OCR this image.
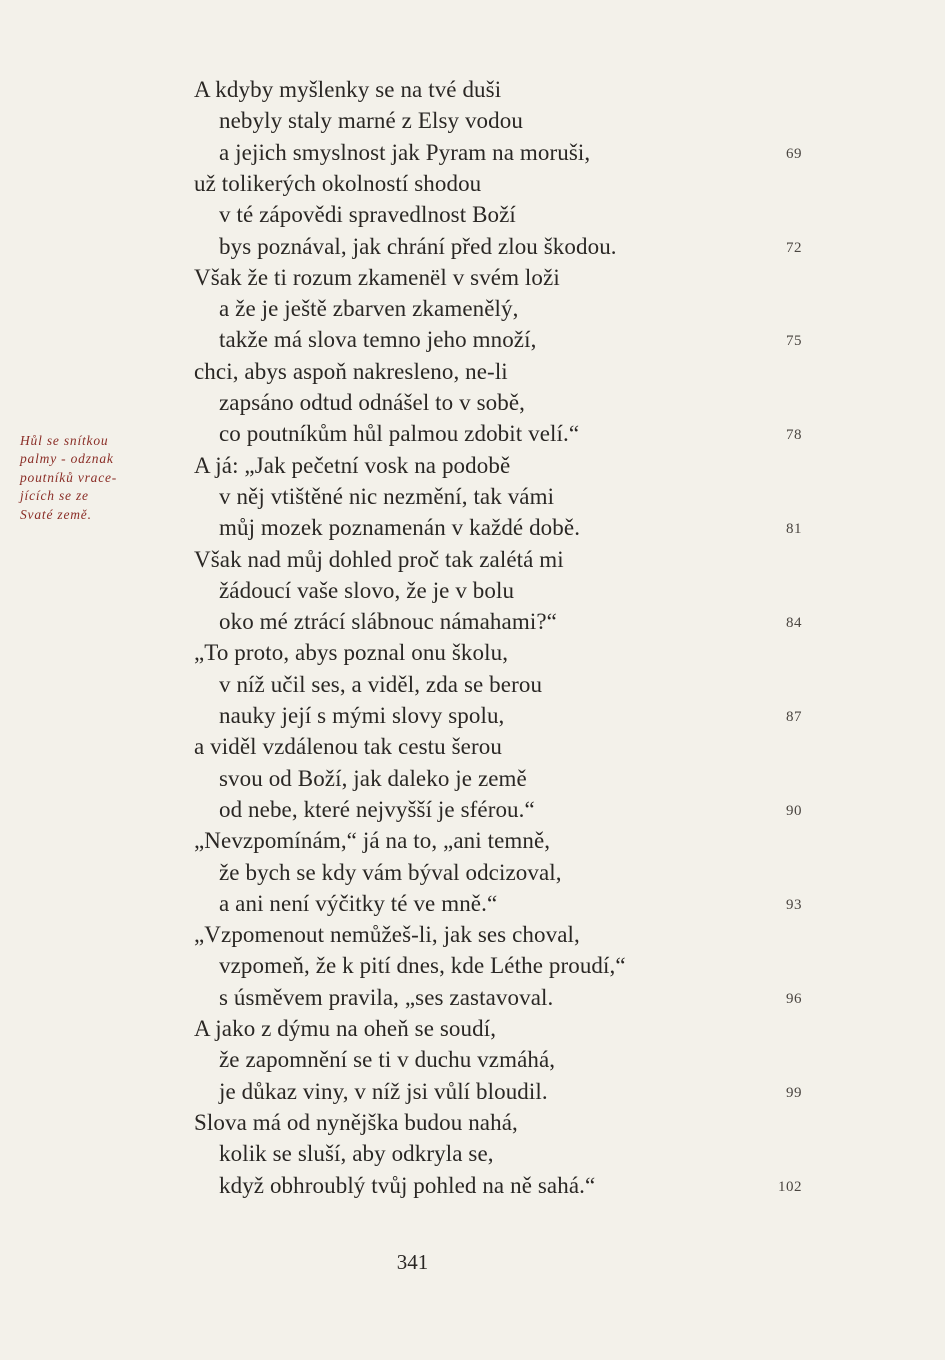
Hůl se snítkou
palmy - odznak
poutníků vrace-
jících se ze
Svaté země.
A kdyby myšlenky se na tvé duši
nebyly staly marné z Elsy vodou
a jejich smyslnost jak Pyram na moruši,	69
už tolikerých okolností shodou
v té zápovědi spravedlnost Boží
bys poznával, jak chrání před zlou škodou.	72
Však že ti rozum zkamenël v svém loži
a že je ještě zbarven zkamenělý,
takže má slova temno jeho množí,	75
chci, abys aspoň nakresleno, ne-li
zapsáno odtud odnášel to v sobě,
co poutníkům hůl palmou zdobit velí.“	78
A já: „Jak pečetní vosk na podobě
v něj vtištěné nic nezmění, tak vámi
můj mozek poznamenán v každé době.	81
Však nad můj dohled proč tak zalétá mi
žádoucí vaše slovo, že je v bolu
oko mé ztrácí slábnouc námahami?“	84
„To proto, abys poznal onu školu,
v níž učil ses, a viděl, zda se berou
nauky její s mými slovy spolu,	87
a viděl vzdálenou tak cestu šerou
svou od Boží, jak daleko je země
od nebe, které nejvyšší je sférou.“	90
„Nevzpomínám,“ já na to, „ani temně,
že bych se kdy vám býval odcizoval,
a ani není výčitky té ve mně.“	93
„Vzpomenout nemůžeš-li, jak ses choval,
vzpomeň, že k pití dnes, kde Léthe proudí,“
s úsměvem pravila, „ses zastavoval.	96
A jako z dýmu na oheň se soudí,
že zapomnění se ti v duchu vzmáhá,
je důkaz viny, v níž jsi vůlí bloudil.	99
Slova má od nynějška budou nahá,
kolik se sluší, aby odkryla se,
když obhroublý tvůj pohled na ně sahá.“	102
341
